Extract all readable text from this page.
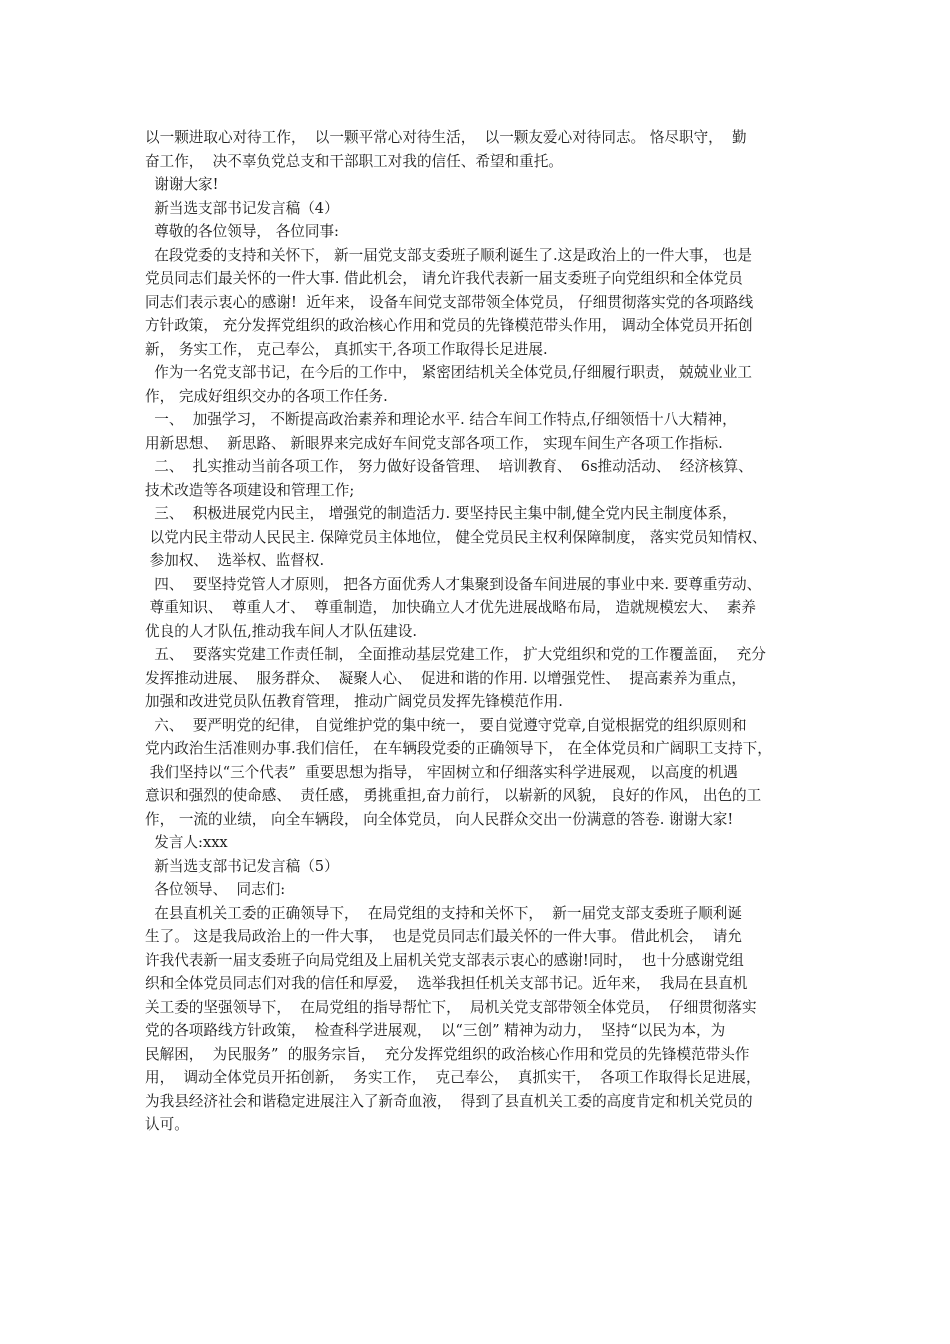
以一颗进取心对待工作，  以一颗平常心对待生活，  以一颗友爱心对待同志。 恪尽职守，  勤
奋工作，  决不辜负党总支和干部职工对我的信任、希望和重托。
谢谢大家!
新当选支部书记发言稿（4）
尊敬的各位领导， 各位同事:
在段党委的支持和关怀下， 新一届党支部支委班子顺利诞生了.这是政治上的一件大事， 也是
党员同志们最关怀的一件大事. 借此机会， 请允许我代表新一届支委班子向党组织和全体党员
同志们表示衷心的感谢!  近年来， 设备车间党支部带领全体党员， 仔细贯彻落实党的各项路线
方针政策， 充分发挥党组织的政治核心作用和党员的先锋模范带头作用， 调动全体党员开拓创
新， 务实工作， 克己奉公， 真抓实干,各项工作取得长足进展.
作为一名党支部书记，在今后的工作中， 紧密团结机关全体党员,仔细履行职责， 兢兢业业工
作， 完成好组织交办的各项工作任务.
一、  加强学习， 不断提高政治素养和理论水平. 结合车间工作特点,仔细领悟十八大精神，
用新思想、  新思路、 新眼界来完成好车间党支部各项工作， 实现车间生产各项工作指标.
二、  扎实推动当前各项工作， 努力做好设备管理、  培训教育、  6s推动活动、  经济核算、
技术改造等各项建设和管理工作;
三、  积极进展党内民主， 增强党的制造活力. 要坚持民主集中制,健全党内民主制度体系，
以党内民主带动人民民主. 保障党员主体地位， 健全党员民主权利保障制度， 落实党员知情权、
参加权、  选举权、监督权.
四、  要坚持党管人才原则， 把各方面优秀人才集聚到设备车间进展的事业中来. 要尊重劳动、
尊重知识、  尊重人才、  尊重制造， 加快确立人才优先进展战略布局， 造就规模宏大、  素养
优良的人才队伍,推动我车间人才队伍建设.
五、  要落实党建工作责任制， 全面推动基层党建工作， 扩大党组织和党的工作覆盖面，  充分
发挥推动进展、  服务群众、  凝聚人心、  促进和谐的作用. 以增强党性、  提高素养为重点，
加强和改进党员队伍教育管理， 推动广阔党员发挥先锋模范作用.
六、  要严明党的纪律， 自觉维护党的集中统一， 要自觉遵守党章,自觉根据党的组织原则和
党内政治生活准则办事.我们信任， 在车辆段党委的正确领导下， 在全体党员和广阔职工支持下，
我们坚持以“三个代表”  重要思想为指导， 牢固树立和仔细落实科学进展观， 以高度的机遇
意识和强烈的使命感、  责任感， 勇挑重担,奋力前行， 以崭新的风貌， 良好的作风， 出色的工
作， 一流的业绩， 向全车辆段， 向全体党员， 向人民群众交出一份满意的答卷. 谢谢大家!
发言人:xxx
新当选支部书记发言稿（5）
各位领导、  同志们:
在县直机关工委的正确领导下，  在局党组的支持和关怀下，  新一届党支部支委班子顺利诞
生了。 这是我局政治上的一件大事，  也是党员同志们最关怀的一件大事。 借此机会，  请允
许我代表新一届支委班子向局党组及上届机关党支部表示衷心的感谢!同时，  也十分感谢党组
织和全体党员同志们对我的信任和厚爱，  选举我担任机关支部书记。近年来，  我局在县直机
关工委的坚强领导下，  在局党组的指导帮忙下，  局机关党支部带领全体党员，  仔细贯彻落实
党的各项路线方针政策，  检查科学进展观，  以“三创” 精神为动力，  坚持“以民为本，为
民解困，  为民服务”  的服务宗旨，  充分发挥党组织的政治核心作用和党员的先锋模范带头作
用，  调动全体党员开拓创新，  务实工作，  克己奉公，  真抓实干，  各项工作取得长足进展，
为我县经济社会和谐稳定进展注入了新奇血液，  得到了县直机关工委的高度肯定和机关党员的
认可。
